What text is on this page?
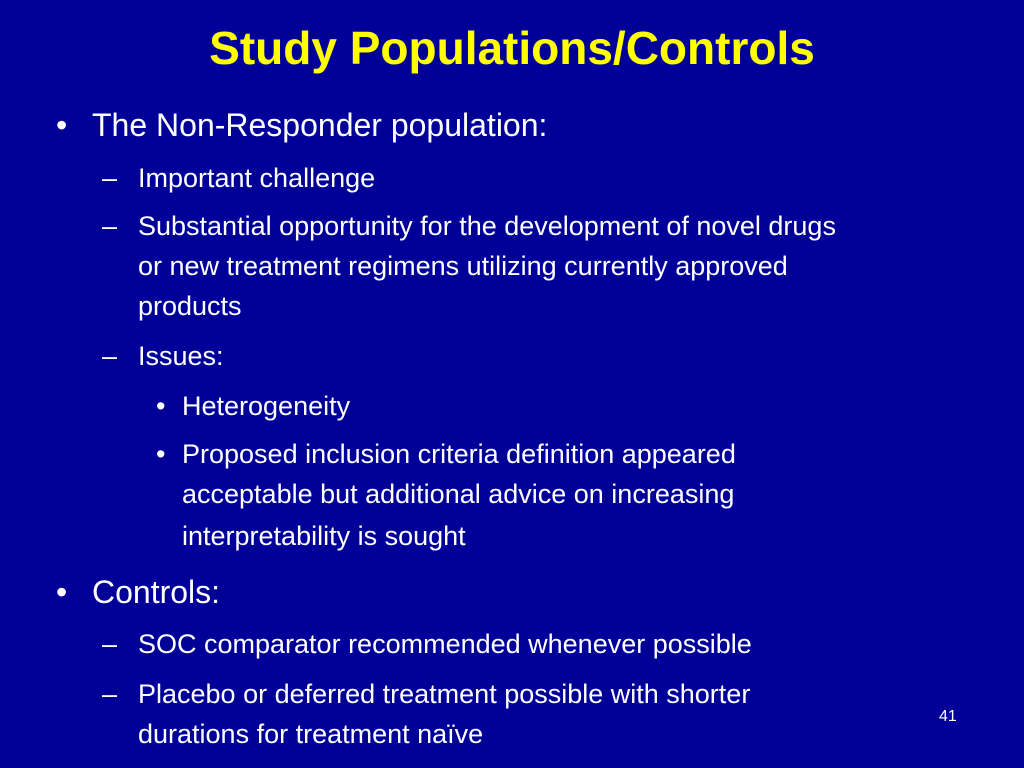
Study Populations/Controls
• The Non-Responder population:

– Important challenge

– Substantial opportunity for the development of novel drugs

or new treatment regimens utilizing currently approved

products

– Issues:

• Heterogeneity

• Proposed inclusion criteria definition appeared

acceptable but additional advice on increasing

interpretability is sought

• Controls:

– SOC comparator recommended whenever possible

– Placebo or deferred treatment possible with shorter

durations for treatment naïve

41
